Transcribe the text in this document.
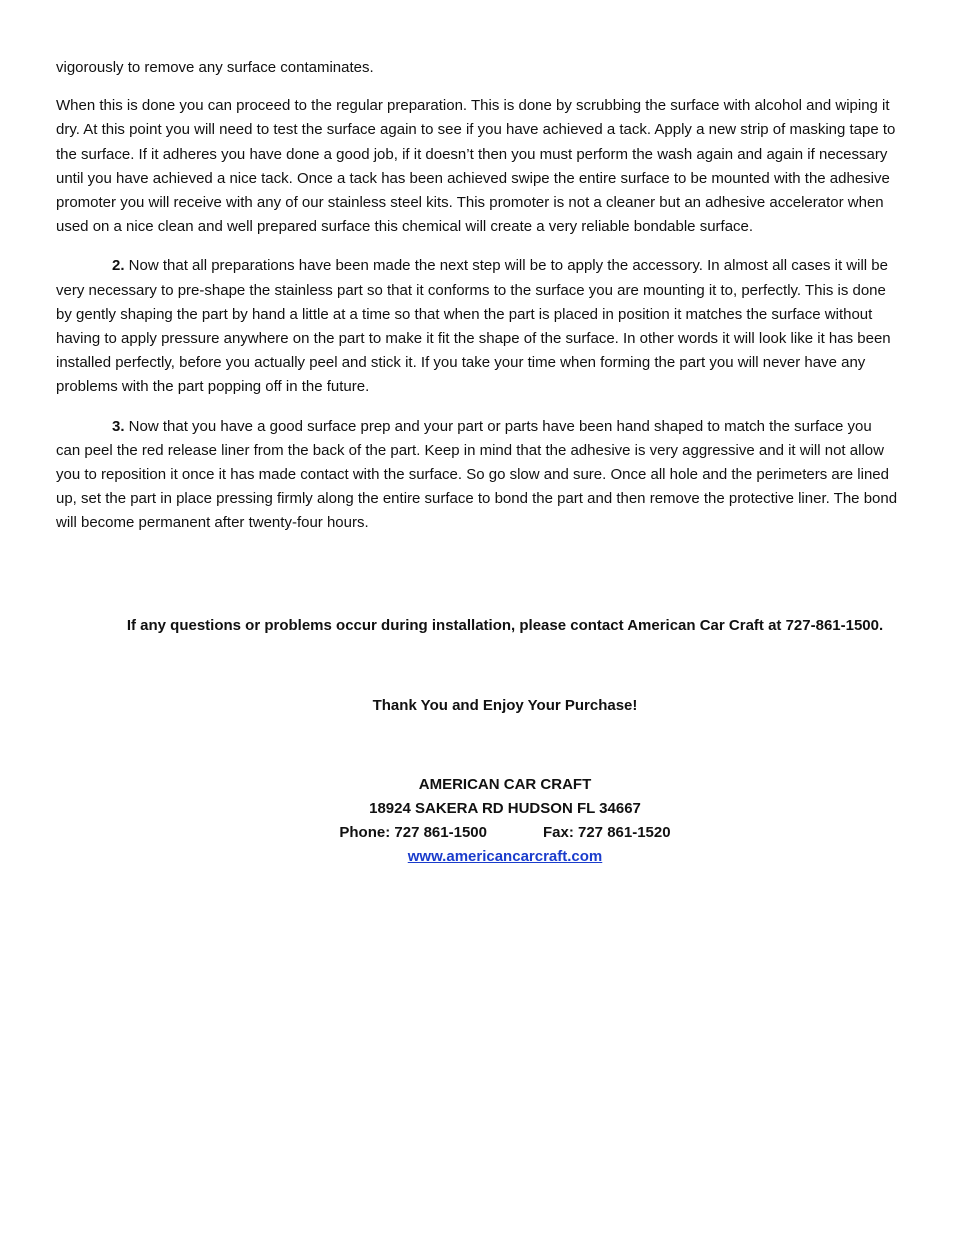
vigorously to remove any surface contaminates.

When this is done you can proceed to the regular preparation. This is done by scrubbing the surface with alcohol and wiping it dry. At this point you will need to test the surface again to see if you have achieved a tack. Apply a new strip of masking tape to the surface. If it adheres you have done a good job, if it doesn’t then you must perform the wash again and again if necessary until you have achieved a nice tack. Once a tack has been achieved swipe the entire surface to be mounted with the adhesive promoter you will receive with any of our stainless steel kits. This promoter is not a cleaner but an adhesive accelerator when used on a nice clean and well prepared surface this chemical will create a very reliable bondable surface.

2. Now that all preparations have been made the next step will be to apply the accessory. In almost all cases it will be very necessary to pre-shape the stainless part so that it conforms to the surface you are mounting it to, perfectly. This is done by gently shaping the part by hand a little at a time so that when the part is placed in position it matches the surface without having to apply pressure anywhere on the part to make it fit the shape of the surface. In other words it will look like it has been installed perfectly, before you actually peel and stick it. If you take your time when forming the part you will never have any problems with the part popping off in the future.

3. Now that you have a good surface prep and your part or parts have been hand shaped to match the surface you can peel the red release liner from the back of the part. Keep in mind that the adhesive is very aggressive and it will not allow you to reposition it once it has made contact with the surface. So go slow and sure. Once all hole and the perimeters are lined up, set the part in place pressing firmly along the entire surface to bond the part and then remove the protective liner. The bond will become permanent after twenty-four hours.

If any questions or problems occur during installation, please contact American Car Craft at 727-861-1500.
Thank You and Enjoy Your Purchase!
AMERICAN CAR CRAFT
18924 SAKERA RD HUDSON FL 34667
Phone: 727 861-1500	Fax: 727 861-1520
www.americancarcraft.com
